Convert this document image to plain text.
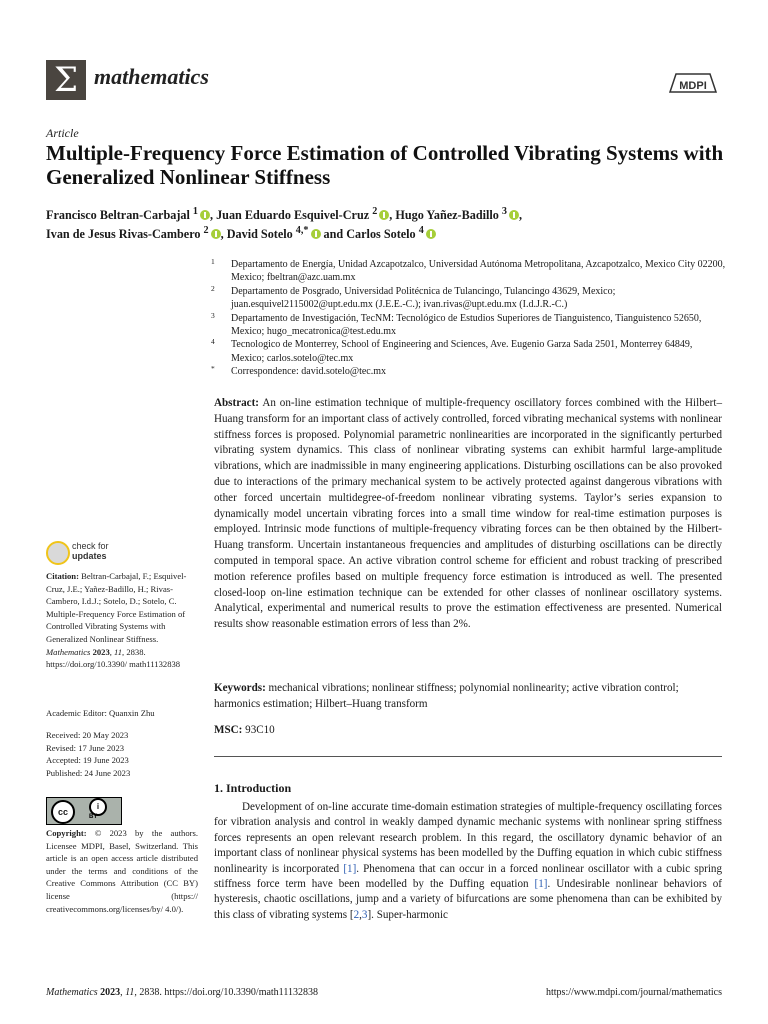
Σ mathematics	MDPI
Article
Multiple-Frequency Force Estimation of Controlled Vibrating Systems with Generalized Nonlinear Stiffness
Francisco Beltran-Carbajal $^1$ , Juan Eduardo Esquivel-Cruz $^2$ , Hugo Yañez-Badillo $^3$ ,
Ivan de Jesus Rivas-Cambero $^2$ , David Sotelo $^{4,*}$ and Carlos Sotelo $^4$
1 Departamento de Energía, Unidad Azcapotzalco, Universidad Autónoma Metropolitana, Azcapotzalco, Mexico City 02200, Mexico; fbeltran@azc.uam.mx
2 Departamento de Posgrado, Universidad Politécnica de Tulancingo, Tulancingo 43629, Mexico; juan.esquivel2115002@upt.edu.mx (J.E.E.-C.); ivan.rivas@upt.edu.mx (I.d.J.R.-C.)
3 Departamento de Investigación, TecNM: Tecnológico de Estudios Superiores de Tianguistenco, Tianguistenco 52650, Mexico; hugo_mecatronica@test.edu.mx
4 Tecnologico de Monterrey, School of Engineering and Sciences, Ave. Eugenio Garza Sada 2501, Monterrey 64849, Mexico; carlos.sotelo@tec.mx
* Correspondence: david.sotelo@tec.mx
Abstract: An on-line estimation technique of multiple-frequency oscillatory forces combined with the Hilbert–Huang transform for an important class of actively controlled, forced vibrating mechanical systems with nonlinear stiffness forces is proposed. Polynomial parametric nonlinearities are incorporated in the significantly perturbed vibrating system dynamics. This class of nonlinear vibrating systems can exhibit harmful large-amplitude vibrations, which are inadmissible in many engineering applications. Disturbing oscillations can be also provoked due to interactions of the primary mechanical system to be actively protected against dangerous vibrations with other forced uncertain multidegree-of-freedom nonlinear vibrating systems. Taylor’s series expansion to dynamically model uncertain vibrating forces into a small time window for real-time estimation purposes is employed. Intrinsic mode functions of multiple-frequency vibrating forces can be then obtained by the Hilbert-Huang transform. Uncertain instantaneous frequencies and amplitudes of disturbing oscillations can be directly computed in temporal space. An active vibration control scheme for efficient and robust tracking of prescribed motion reference profiles based on multiple frequency force estimation is introduced as well. The presented closed-loop on-line estimation technique can be extended for other classes of nonlinear oscillatory systems. Analytical, experimental and numerical results to prove the estimation effectiveness are presented. Numerical results show reasonable estimation errors of less than 2%.
Keywords: mechanical vibrations; nonlinear stiffness; polynomial nonlinearity; active vibration control; harmonics estimation; Hilbert–Huang transform
MSC: 93C10
1. Introduction

Development of on-line accurate time-domain estimation strategies of multiple-frequency oscillating forces for vibration analysis and control in weakly damped dynamic mechanic systems with nonlinear spring stiffness forces represents an open relevant research problem. In this regard, the oscillatory dynamic behavior of an important class of nonlinear physical systems has been modelled by the Duffing equation in which cubic stiffness nonlinearity is incorporated [1]. Phenomena that can occur in a forced nonlinear oscillator with a cubic spring stiffness force term have been modelled by the Duffing equation [1]. Undesirable nonlinear behaviors of hysteresis, chaotic oscillations, jump and a variety of bifurcations are some phenomena than can be exhibited by this class of vibrating systems [2,3]. Super-harmonic

check for
updates
Citation: Beltran-Carbajal, F.; Esquivel-Cruz, J.E.; Yañez-Badillo, H.; Rivas-Cambero, I.d.J.; Sotelo, D.; Sotelo, C. Multiple-Frequency Force Estimation of Controlled Vibrating Systems with Generalized Nonlinear Stiffness. Mathematics 2023, 11, 2838. https://doi.org/10.3390/ math11132838
Academic Editor: Quanxin Zhu
Received: 20 May 2023
Revised: 17 June 2023
Accepted: 19 June 2023
Published: 24 June 2023
cc
i
BY
Copyright: © 2023 by the authors. Licensee MDPI, Basel, Switzerland. This article is an open access article distributed under the terms and conditions of the Creative Commons Attribution (CC BY) license (https:// creativecommons.org/licenses/by/ 4.0/).
Mathematics 2023, 11, 2838. https://doi.org/10.3390/math11132838	https://www.mdpi.com/journal/mathematics
